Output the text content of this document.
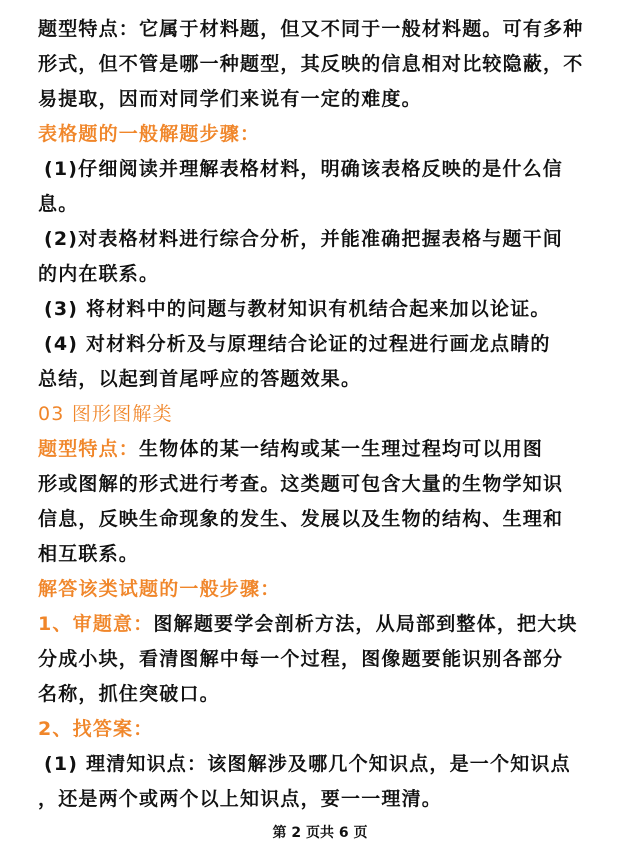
题型特点：它属于材料题，但又不同于一般材料题。可有多种
形式，但不管是哪一种题型，其反映的信息相对比较隐蔽，不
易提取，因而对同学们来说有一定的难度。
表格题的一般解题步骤：
(1)仔细阅读并理解表格材料，明确该表格反映的是什么信
息。
(2)对表格材料进行综合分析，并能准确把握表格与题干间
的内在联系。
(3) 将材料中的问题与教材知识有机结合起来加以论证。
(4) 对材料分析及与原理结合论证的过程进行画龙点睛的
总结，以起到首尾呼应的答题效果。
03 图形图解类
题型特点：生物体的某一结构或某一生理过程均可以用图
形或图解的形式进行考查。这类题可包含大量的生物学知识
信息，反映生命现象的发生、发展以及生物的结构、生理和
相互联系。
解答该类试题的一般步骤：
1、审题意：图解题要学会剖析方法，从局部到整体，把大块
分成小块，看清图解中每一个过程，图像题要能识别各部分
名称，抓住突破口。
2、找答案：
(1) 理清知识点：该图解涉及哪几个知识点，是一个知识点
，还是两个或两个以上知识点，要一一理清。
第 2 页共 6 页
